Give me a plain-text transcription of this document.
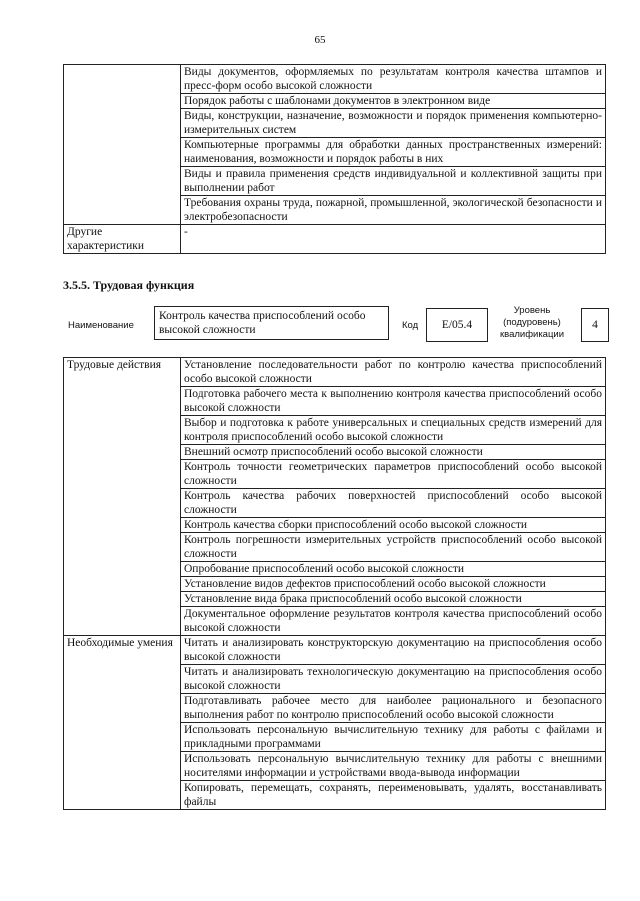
65
	Виды документов, оформляемых по результатам контроля качества штампов и пресс-форм особо высокой сложности
	Порядок работы с шаблонами документов в электронном виде
	Виды, конструкции, назначение, возможности и порядок применения компьютерно-измерительных систем
	Компьютерные программы для обработки данных пространственных измерений: наименования, возможности и порядок работы в них
	Виды и правила применения средств индивидуальной и коллективной защиты при выполнении работ
	Требования охраны труда, пожарной, промышленной, экологической безопасности и электробезопасности
Другие характеристики	-
3.5.5. Трудовая функция
Наименование
Контроль качества приспособлений особо высокой сложности	Код	E/05.4
Уровень (подуровень) квалификации
4
Трудовые действия	Установление последовательности работ по контролю качества приспособлений особо высокой сложности
	Подготовка рабочего места к выполнению контроля качества приспособлений особо высокой сложности
	Выбор и подготовка к работе универсальных и специальных средств измерений для контроля приспособлений особо высокой сложности
	Внешний осмотр приспособлений особо высокой сложности
	Контроль точности геометрических параметров приспособлений особо высокой сложности
	Контроль качества рабочих поверхностей приспособлений особо высокой сложности
	Контроль качества сборки приспособлений особо высокой сложности
	Контроль погрешности измерительных устройств приспособлений особо высокой сложности
	Опробование приспособлений особо высокой сложности
	Установление видов дефектов приспособлений особо высокой сложности
	Установление вида брака приспособлений особо высокой сложности
	Документальное оформление результатов контроля качества приспособлений особо высокой сложности
Необходимые умения	Читать и анализировать конструкторскую документацию на приспособления особо высокой сложности
	Читать и анализировать технологическую документацию на приспособления особо высокой сложности
	Подготавливать рабочее место для наиболее рационального и безопасного выполнения работ по контролю приспособлений особо высокой сложности
	Использовать персональную вычислительную технику для работы с файлами и прикладными программами
	Использовать персональную вычислительную технику для работы с внешними носителями информации и устройствами ввода-вывода информации
	Копировать, перемещать, сохранять, переименовывать, удалять, восстанавливать файлы
